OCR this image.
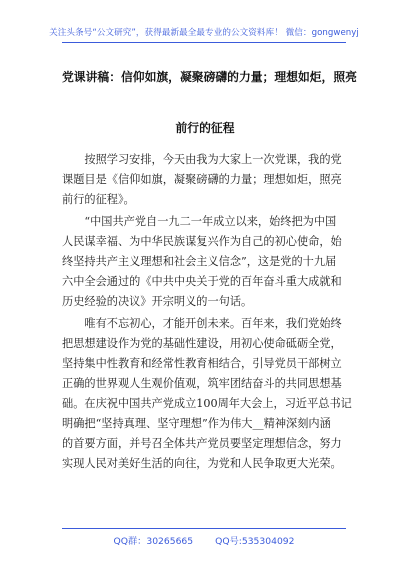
关注头条号“公文研究”，获得最新最全最专业的公文资料库！ 微信：gongwenyj
党课讲稿：信仰如旗，凝聚磅礴的力量；理想如炬，照亮
前行的征程
　　按照学习安排，今天由我为大家上一次党课，我的党
课题目是《信仰如旗，凝聚磅礴的力量；理想如炬，照亮
前行的征程》。
　　“中国共产党自一九二一年成立以来，始终把为中国
人民谋幸福、为中华民族谋复兴作为自己的初心使命，始
终坚持共产主义理想和社会主义信念”，这是党的十九届
六中全会通过的《中共中央关于党的百年奋斗重大成就和
历史经验的决议》开宗明义的一句话。
　　唯有不忘初心，才能开创未来。百年来，我们党始终
把思想建设作为党的基础性建设，用初心使命砥砺全党，
坚持集中性教育和经常性教育相结合，引导党员干部树立
正确的世界观人生观价值观，筑牢团结奋斗的共同思想基
础。在庆祝中国共产党成立100周年大会上，习近平总书记
明确把“坚持真理、坚守理想”作为伟大__精神深刻内涵
的首要方面，并号召全体共产党员要坚定理想信念，努力
实现人民对美好生活的向往，为党和人民争取更大光荣。
QQ群：30265665 QQ号:535304092
